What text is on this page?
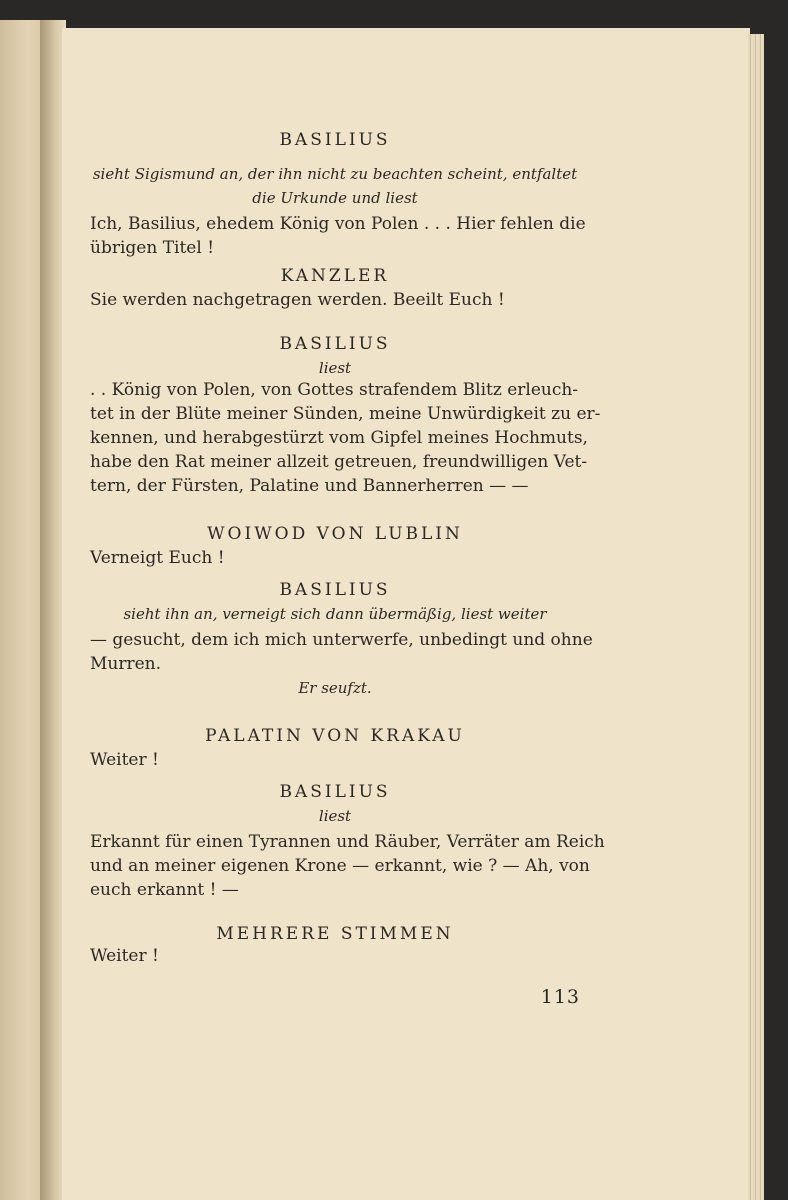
BASILIUS
sieht Sigismund an, der ihn nicht zu beachten scheint, entfaltet
die Urkunde und liest
Ich, Basilius, ehedem König von Polen . . . Hier fehlen die
übrigen Titel !
KANZLER
Sie werden nachgetragen werden. Beeilt Euch !
BASILIUS
liest
. . König von Polen, von Gottes strafendem Blitz erleuch-
tet in der Blüte meiner Sünden, meine Unwürdigkeit zu er-
kennen, und herabgestürzt vom Gipfel meines Hochmuts,
habe den Rat meiner allzeit getreuen, freundwilligen Vet-
tern, der Fürsten, Palatine und Bannerherren — —
WOIWOD VON LUBLIN
Verneigt Euch !
BASILIUS
sieht ihn an, verneigt sich dann übermäßig, liest weiter
— gesucht, dem ich mich unterwerfe, unbedingt und ohne
Murren.
Er seufzt.
PALATIN VON KRAKAU
Weiter !
BASILIUS
liest
Erkannt für einen Tyrannen und Räuber, Verräter am Reich
und an meiner eigenen Krone — erkannt, wie ? — Ah, von
euch erkannt ! —
MEHRERE STIMMEN
Weiter !
113
